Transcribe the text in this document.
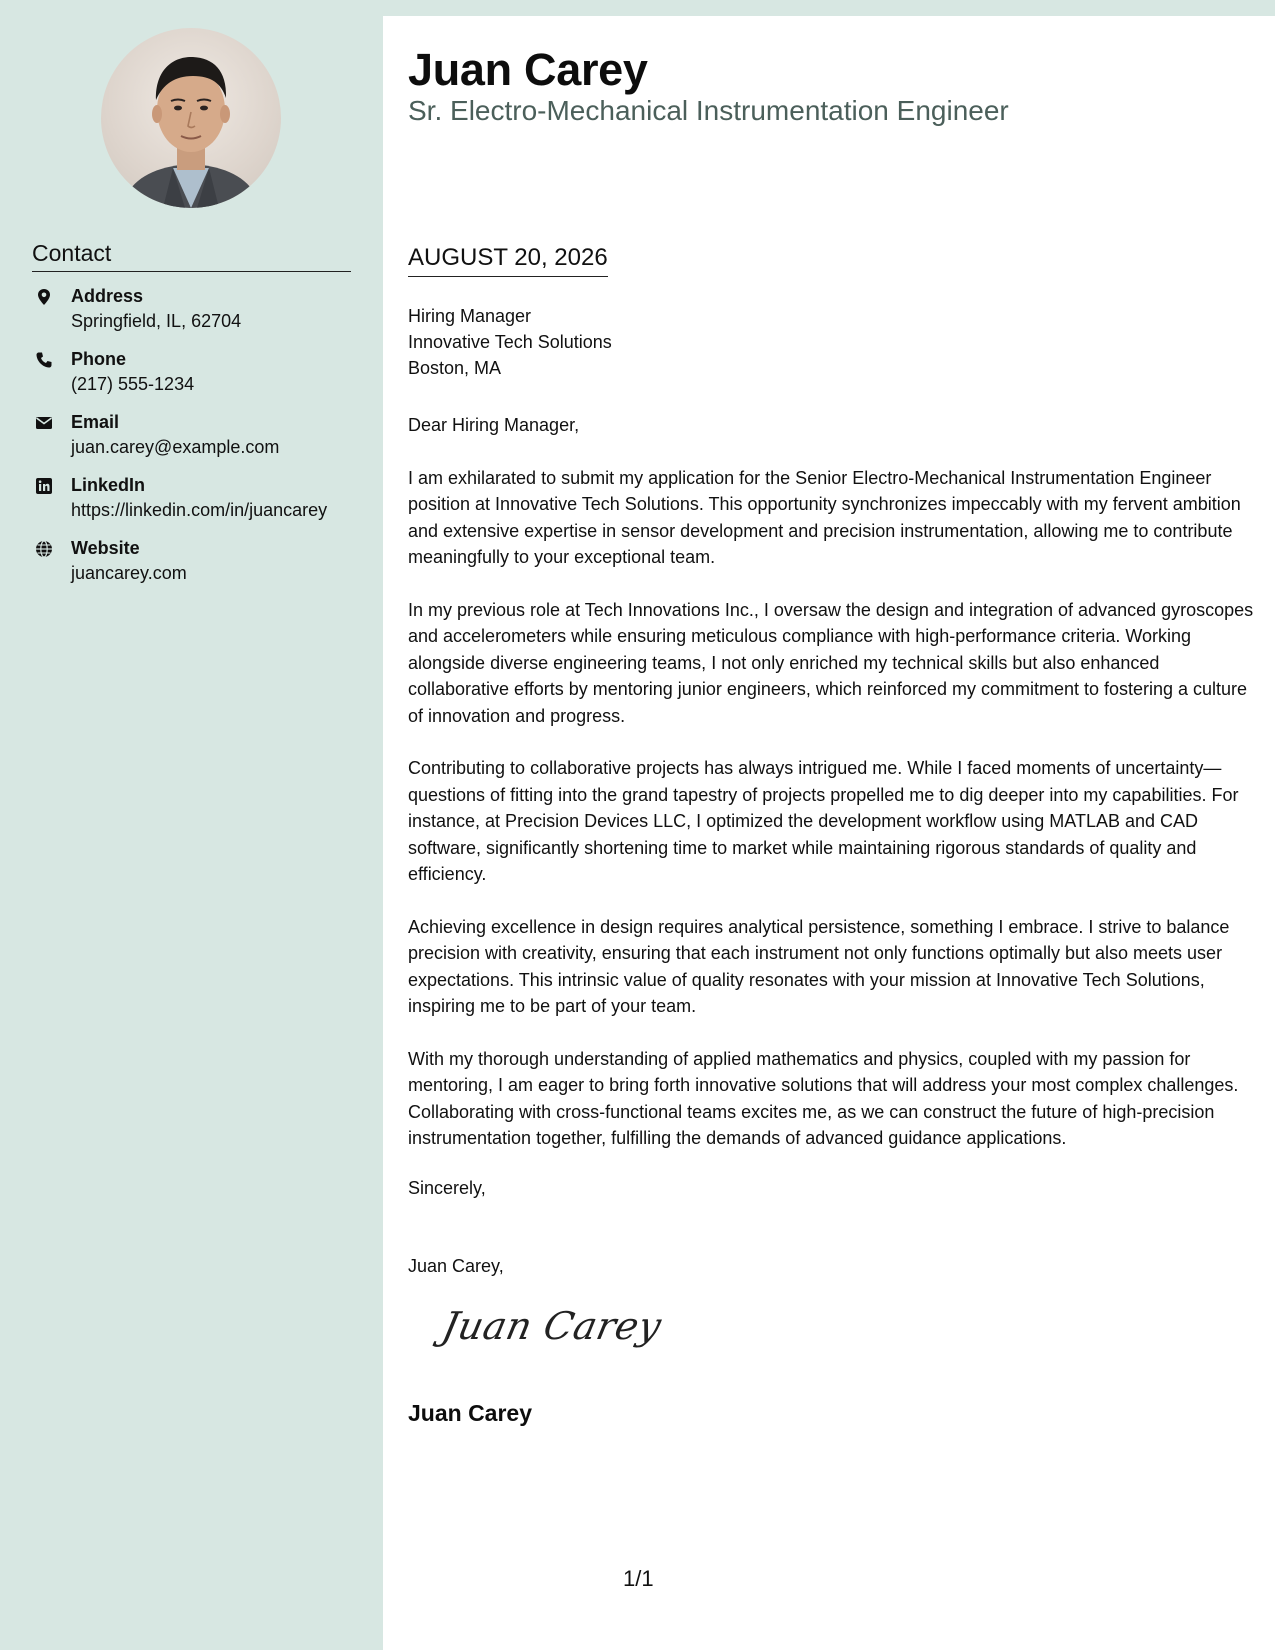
Contact
Address
Springfield, IL, 62704
Phone
(217) 555-1234
Email
juan.carey@example.com
LinkedIn
https://linkedin.com/in/juancarey
Website
juancarey.com
Juan Carey
Sr. Electro-Mechanical Instrumentation Engineer
AUGUST 20, 2026
Hiring Manager
Innovative Tech Solutions
Boston, MA

Dear Hiring Manager,

I am exhilarated to submit my application for the Senior Electro-Mechanical Instrumentation Engineer position at Innovative Tech Solutions. This opportunity synchronizes impeccably with my fervent ambition and extensive expertise in sensor development and precision instrumentation, allowing me to contribute meaningfully to your exceptional team.

In my previous role at Tech Innovations Inc., I oversaw the design and integration of advanced gyroscopes and accelerometers while ensuring meticulous compliance with high-performance criteria. Working alongside diverse engineering teams, I not only enriched my technical skills but also enhanced collaborative efforts by mentoring junior engineers, which reinforced my commitment to fostering a culture of innovation and progress.

Contributing to collaborative projects has always intrigued me. While I faced moments of uncertainty—questions of fitting into the grand tapestry of projects propelled me to dig deeper into my capabilities. For instance, at Precision Devices LLC, I optimized the development workflow using MATLAB and CAD software, significantly shortening time to market while maintaining rigorous standards of quality and efficiency.

Achieving excellence in design requires analytical persistence, something I embrace. I strive to balance precision with creativity, ensuring that each instrument not only functions optimally but also meets user expectations. This intrinsic value of quality resonates with your mission at Innovative Tech Solutions, inspiring me to be part of your team.

With my thorough understanding of applied mathematics and physics, coupled with my passion for mentoring, I am eager to bring forth innovative solutions that will address your most complex challenges. Collaborating with cross-functional teams excites me, as we can construct the future of high-precision instrumentation together, fulfilling the demands of advanced guidance applications.

Sincerely,
Juan Carey,
Juan Carey
Juan Carey
1/1
